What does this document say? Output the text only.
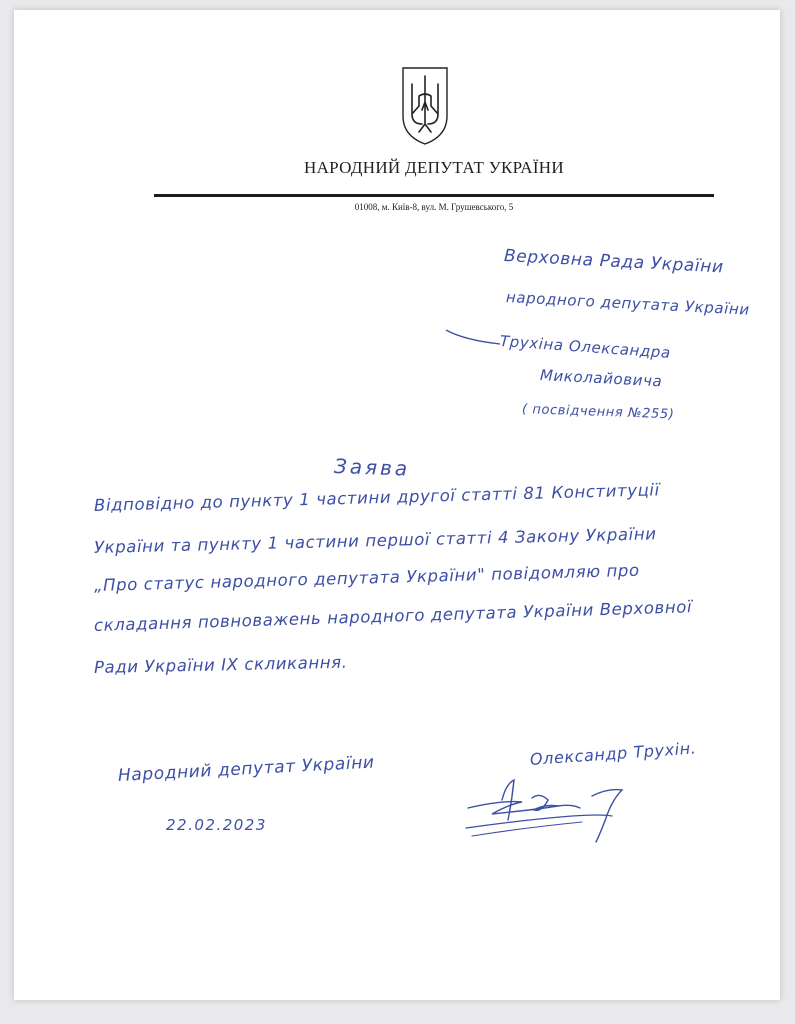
НАРОДНИЙ ДЕПУТАТ УКРАЇНИ
01008, м. Київ-8, вул. М. Грушевського, 5
Верховна Рада України
народного депутата України
Трухіна Олександра
Миколайовича
( посвідчення №255)
Заява
Відповідно до пункту 1 частини другої статті 81 Конституції
України та пункту 1 частини першої статті 4 Закону України
„Про статус народного депутата України" повідомляю про
складання повноважень народного депутата України Верховної
Ради України IX скликання.
Народний депутат України	Олександр Трухін.
22.02.2023
